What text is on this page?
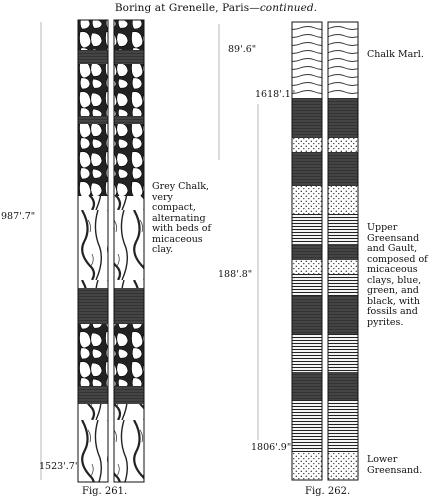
Boring at Grenelle, Paris—continued.
987'.7"
1523'.7"
Grey Chalk, very compact, alternating with beds of micaceous clay.
Fig. 261.
89'.6"
1618'.1"
188'.8"
1806'.9"
Chalk Marl.
Upper Greensand and Gault, composed of micaceous clays, blue, green, and black, with fossils and pyrites.
Lower Greensand.
Fig. 262.
